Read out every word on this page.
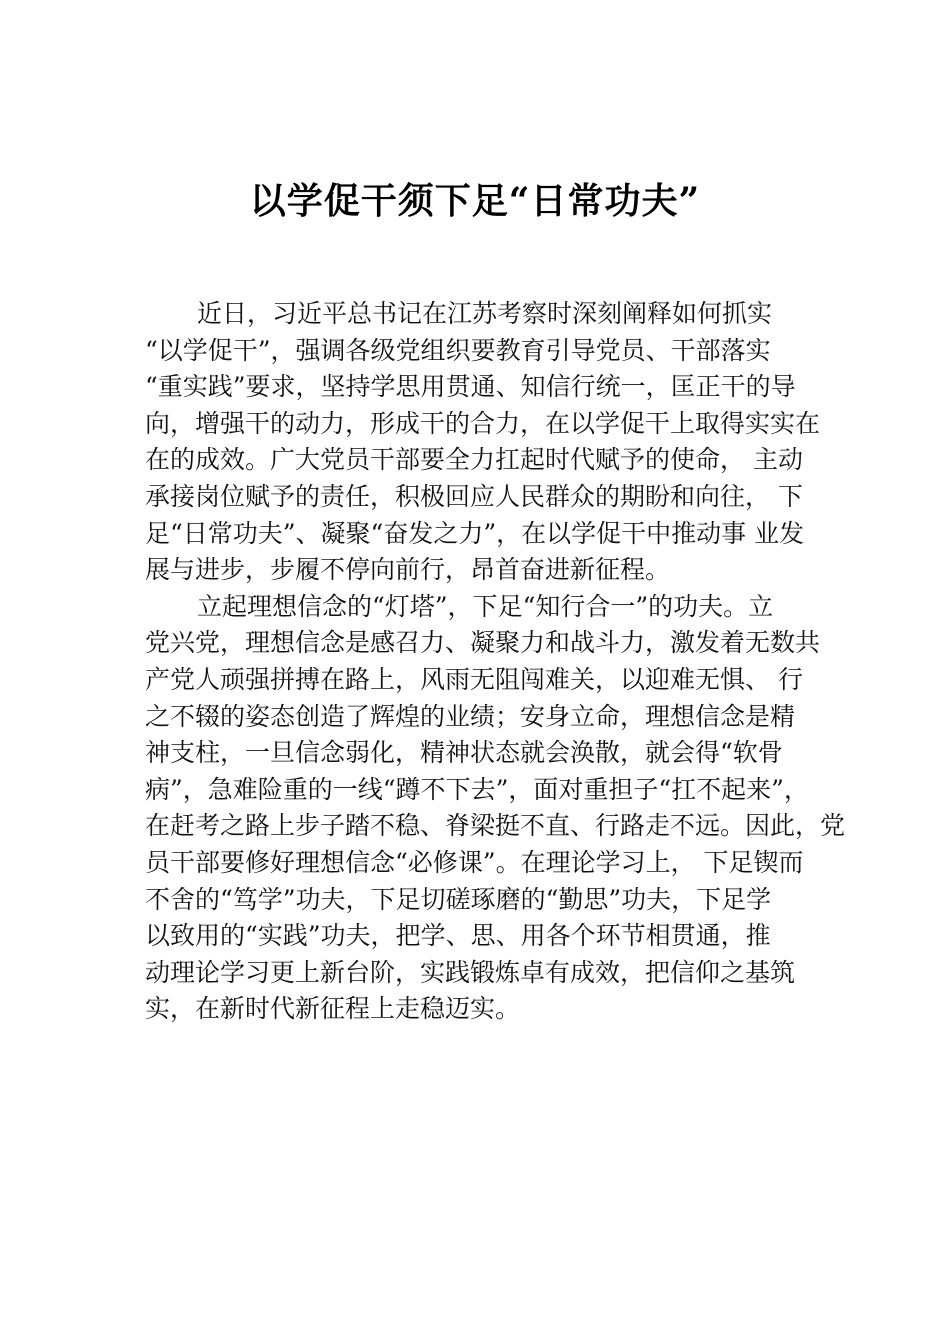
以学促干须下足“日常功夫”
近日，习近平总书记在江苏考察时深刻阐释如何抓实
“以学促干”，强调各级党组织要教育引导党员、干部落实
“重实践”要求，坚持学思用贯通、知信行统一，匡正干的导
向，增强干的动力，形成干的合力，在以学促干上取得实实在
在的成效。广大党员干部要全力扛起时代赋予的使命， 主动
承接岗位赋予的责任，积极回应人民群众的期盼和向往， 下
足“日常功夫”、凝聚“奋发之力”，在以学促干中推动事 业发
展与进步，步履不停向前行，昂首奋进新征程。
立起理想信念的“灯塔”，下足“知行合一”的功夫。立
党兴党，理想信念是感召力、凝聚力和战斗力，激发着无数共
产党人顽强拼搏在路上，风雨无阻闯难关，以迎难无惧、 行
之不辍的姿态创造了辉煌的业绩；安身立命，理想信念是精
神支柱，一旦信念弱化，精神状态就会涣散，就会得“软骨
病”，急难险重的一线“蹲不下去”，面对重担子“扛不起来”，
在赶考之路上步子踏不稳、脊梁挺不直、行路走不远。因此，党
员干部要修好理想信念“必修课”。在理论学习上， 下足锲而
不舍的“笃学”功夫，下足切磋琢磨的“勤思”功夫，下足学
以致用的“实践”功夫，把学、思、用各个环节相贯通，推
动理论学习更上新台阶，实践锻炼卓有成效，把信仰之基筑
实，在新时代新征程上走稳迈实。
